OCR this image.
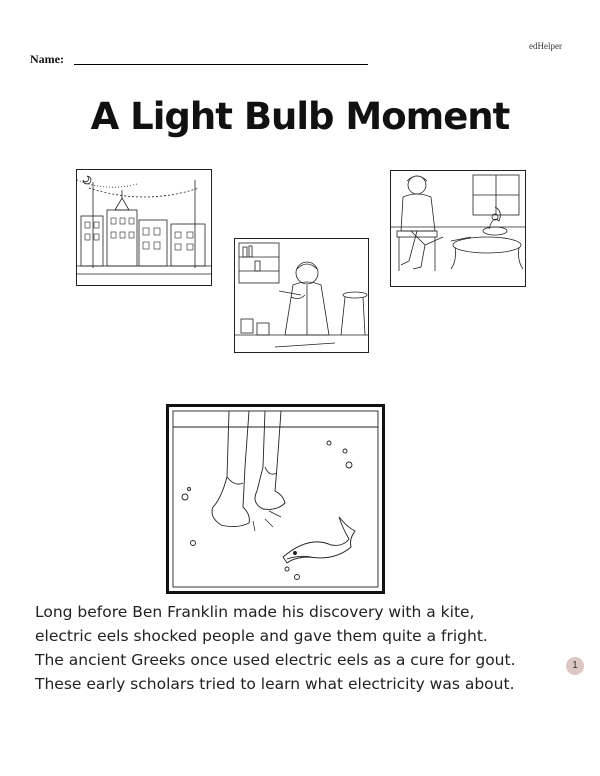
edHelper
Name:
A Light Bulb Moment
Long before Ben Franklin made his discovery with a kite,
electric eels shocked people and gave them quite a fright.
The ancient Greeks once used electric eels as a cure for gout.
These early scholars tried to learn what electricity was about.
1
